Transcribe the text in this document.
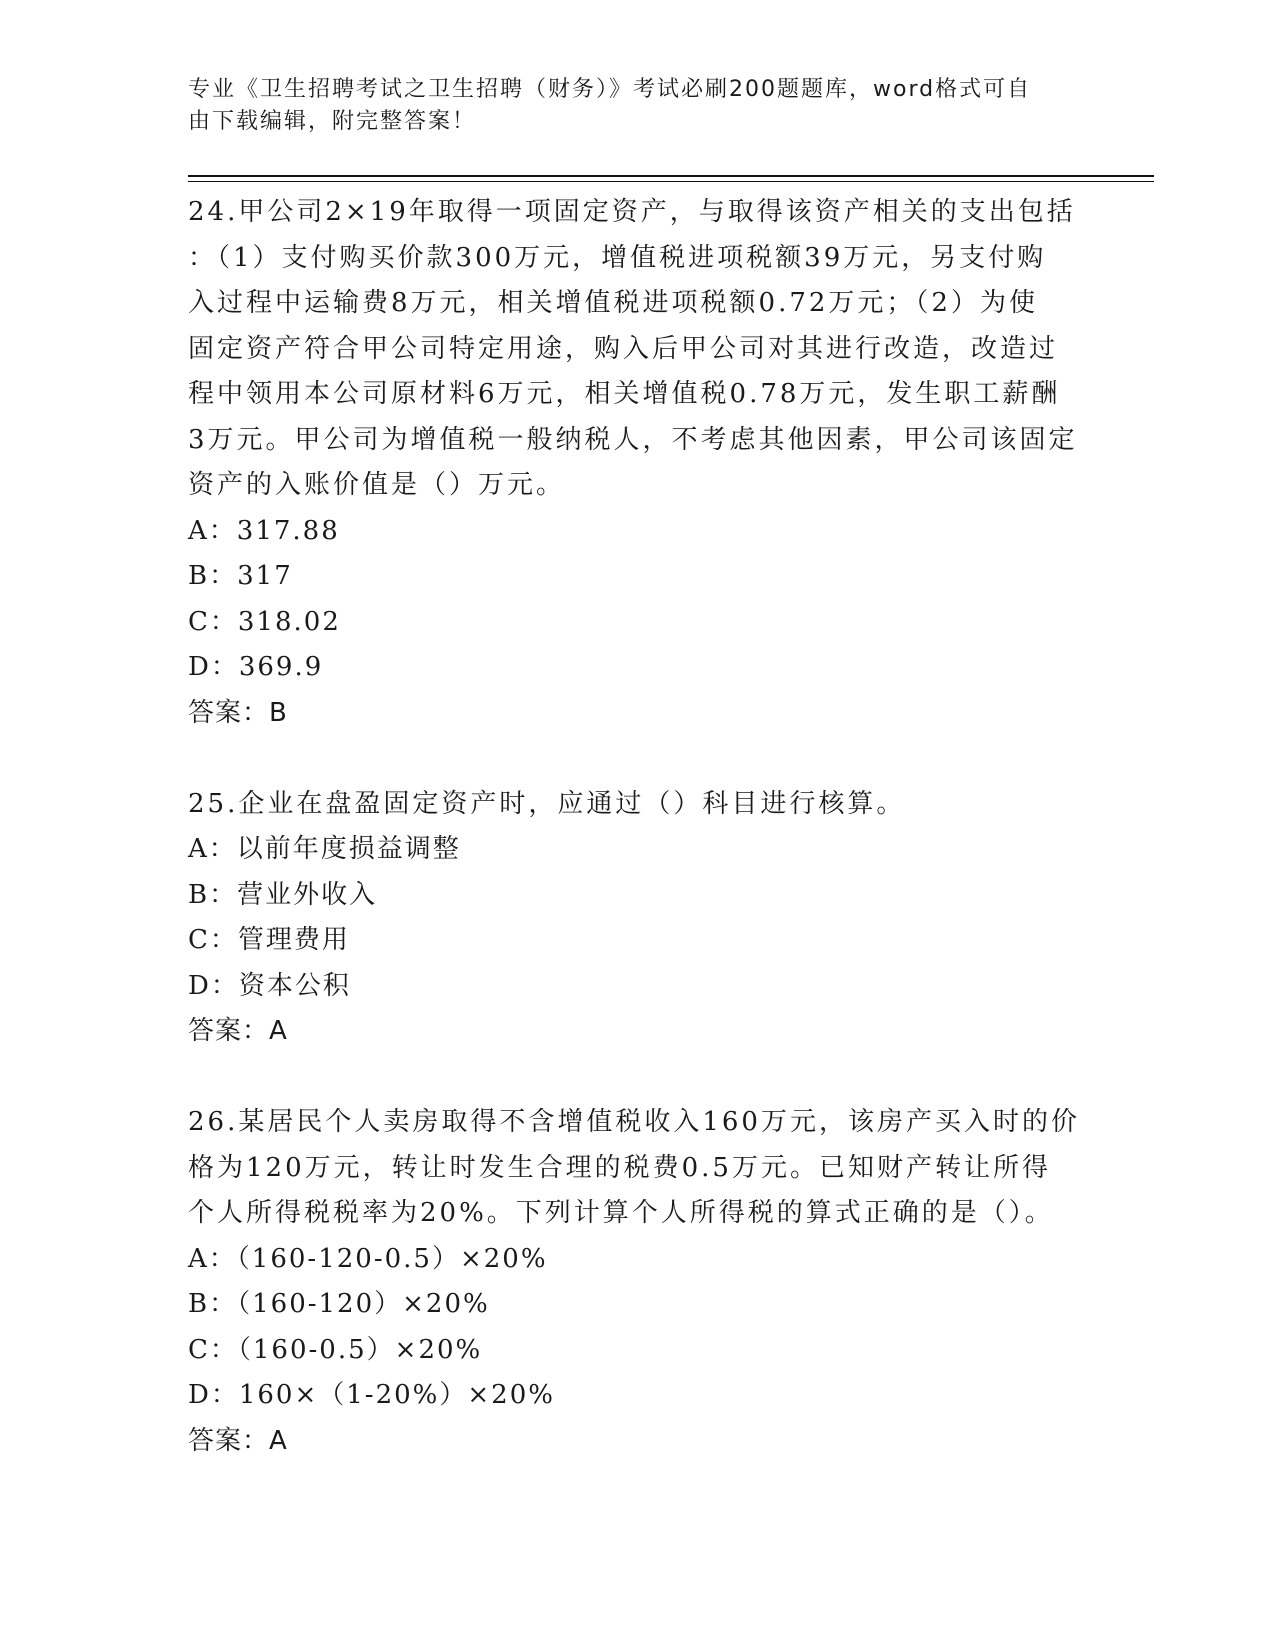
专业《卫生招聘考试之卫生招聘（财务）》考试必刷200题题库，word格式可自
由下载编辑，附完整答案！
24.甲公司2×19年取得一项固定资产，与取得该资产相关的支出包括
：（1）支付购买价款300万元，增值税进项税额39万元，另支付购
入过程中运输费8万元，相关增值税进项税额0.72万元；（2）为使
固定资产符合甲公司特定用途，购入后甲公司对其进行改造，改造过
程中领用本公司原材料6万元，相关增值税0.78万元，发生职工薪酬
3万元。甲公司为增值税一般纳税人，不考虑其他因素，甲公司该固定
资产的入账价值是（）万元。
A：317.88
B：317
C：318.02
D：369.9
答案：B
25.企业在盘盈固定资产时，应通过（）科目进行核算。
A：以前年度损益调整
B：营业外收入
C：管理费用
D：资本公积
答案：A
26.某居民个人卖房取得不含增值税收入160万元，该房产买入时的价
格为120万元，转让时发生合理的税费0.5万元。已知财产转让所得
个人所得税税率为20%。下列计算个人所得税的算式正确的是（）。
A：（160-120-0.5）×20%
B：（160-120）×20%
C：（160-0.5）×20%
D：160×（1-20%）×20%
答案：A
